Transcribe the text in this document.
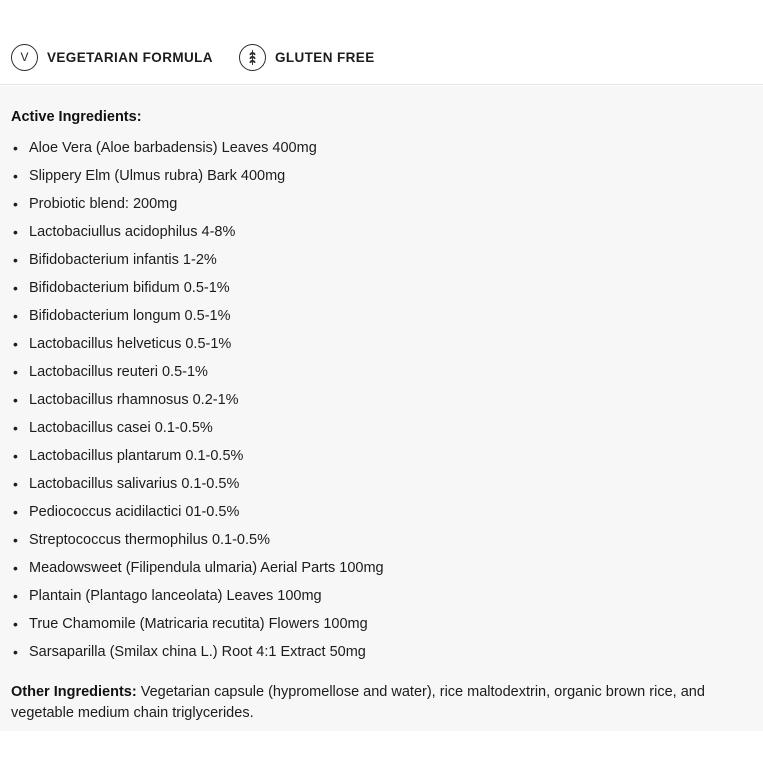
V VEGETARIAN FORMULA	GLUTEN FREE

Active Ingredients:

• Aloe Vera (Aloe barbadensis) Leaves 400mg
• Slippery Elm (Ulmus rubra) Bark 400mg
• Probiotic blend: 200mg
• Lactobaciullus acidophilus 4-8%
• Bifidobacterium infantis 1-2%
• Bifidobacterium bifidum 0.5-1%
• Bifidobacterium longum 0.5-1%
• Lactobacillus helveticus 0.5-1%
• Lactobacillus reuteri 0.5-1%
• Lactobacillus rhamnosus 0.2-1%
• Lactobacillus casei 0.1-0.5%
• Lactobacillus plantarum 0.1-0.5%
• Lactobacillus salivarius 0.1-0.5%
• Pediococcus acidilactici 01-0.5%
• Streptococcus thermophilus 0.1-0.5%
• Meadowsweet (Filipendula ulmaria) Aerial Parts 100mg
• Plantain (Plantago lanceolata) Leaves 100mg
• True Chamomile (Matricaria recutita) Flowers 100mg
• Sarsaparilla (Smilax china L.) Root 4:1 Extract 50mg

Other Ingredients: Vegetarian capsule (hypromellose and water), rice maltodextrin, organic brown rice, and vegetable medium chain triglycerides.
